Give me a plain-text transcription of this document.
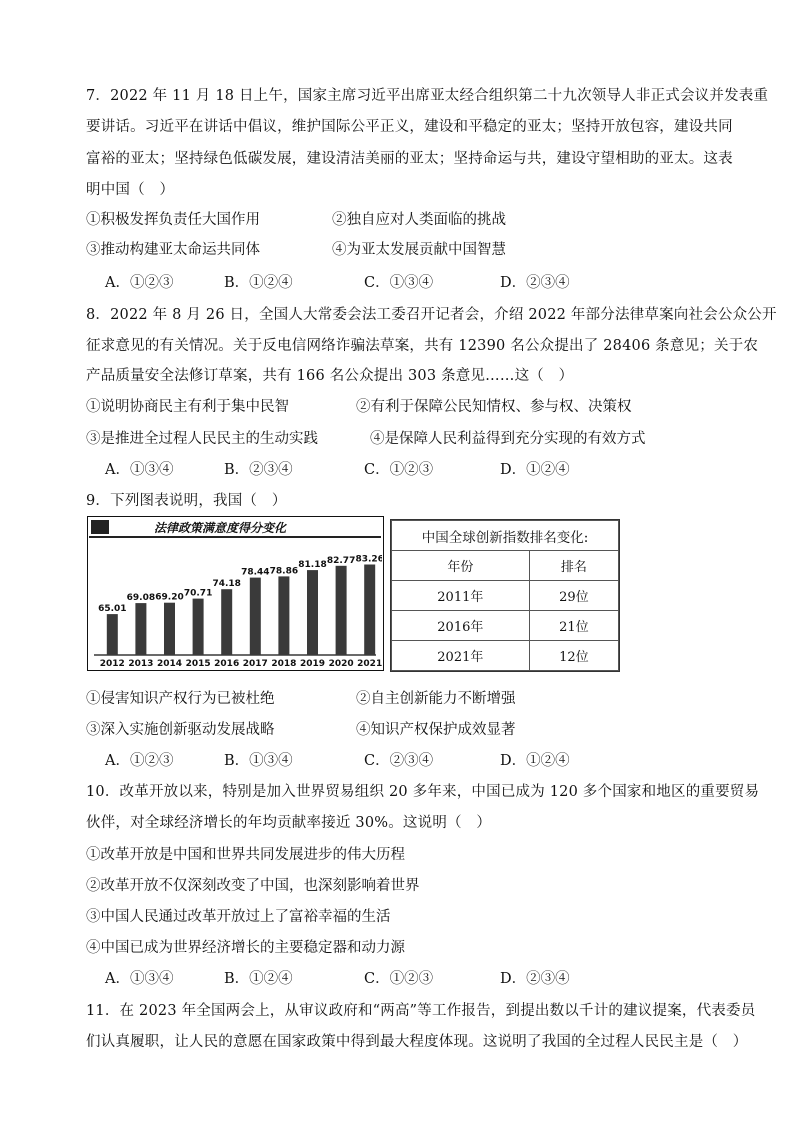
7．2022 年 11 月 18 日上午，国家主席习近平出席亚太经合组织第二十九次领导人非正式会议并发表重
要讲话。习近平在讲话中倡议，维护国际公平正义，建设和平稳定的亚太；坚持开放包容，建设共同
富裕的亚太；坚持绿色低碳发展，建设清洁美丽的亚太；坚持命运与共，建设守望相助的亚太。这表
明中国（　）
①积极发挥负责任大国作用	②独自应对人类面临的挑战
③推动构建亚太命运共同体	④为亚太发展贡献中国智慧
A．①②③	B．①②④	C．①③④	D．②③④
8．2022 年 8 月 26 日，全国人大常委会法工委召开记者会，介绍 2022 年部分法律草案向社会公众公开
征求意见的有关情况。关于反电信网络诈骗法草案，共有 12390 名公众提出了 28406 条意见；关于农
产品质量安全法修订草案，共有 166 名公众提出 303 条意见……这（　）
①说明协商民主有利于集中民智	②有利于保障公民知情权、参与权、决策权
③是推进全过程人民民主的生动实践	④是保障人民利益得到充分实现的有效方式
A．①③④	B．②③④	C．①②③	D．①②④
9．下列图表说明，我国（　）
法律政策满意度得分变化
65.01
2012
69.08
2013
69.20
2014
70.71
2015
74.18
2016
78.44
2017
78.86
2018
81.18
2019
82.77
2020
83.26
2021
中国全球创新指数排名变化:	
年份	排名
2011年	29位
2016年	21位
2021年	12位
①侵害知识产权行为已被杜绝	②自主创新能力不断增强
③深入实施创新驱动发展战略	④知识产权保护成效显著
A．①②③	B．①③④	C．②③④	D．①②④
10．改革开放以来，特别是加入世界贸易组织 20 多年来，中国已成为 120 多个国家和地区的重要贸易
伙伴，对全球经济增长的年均贡献率接近 30%。这说明（　）
①改革开放是中国和世界共同发展进步的伟大历程
②改革开放不仅深刻改变了中国，也深刻影响着世界
③中国人民通过改革开放过上了富裕幸福的生活
④中国已成为世界经济增长的主要稳定器和动力源
A．①③④	B．①②④	C．①②③	D．②③④
11．在 2023 年全国两会上，从审议政府和“两高”等工作报告，到提出数以千计的建议提案，代表委员
们认真履职，让人民的意愿在国家政策中得到最大程度体现。这说明了我国的全过程人民民主是（　）
